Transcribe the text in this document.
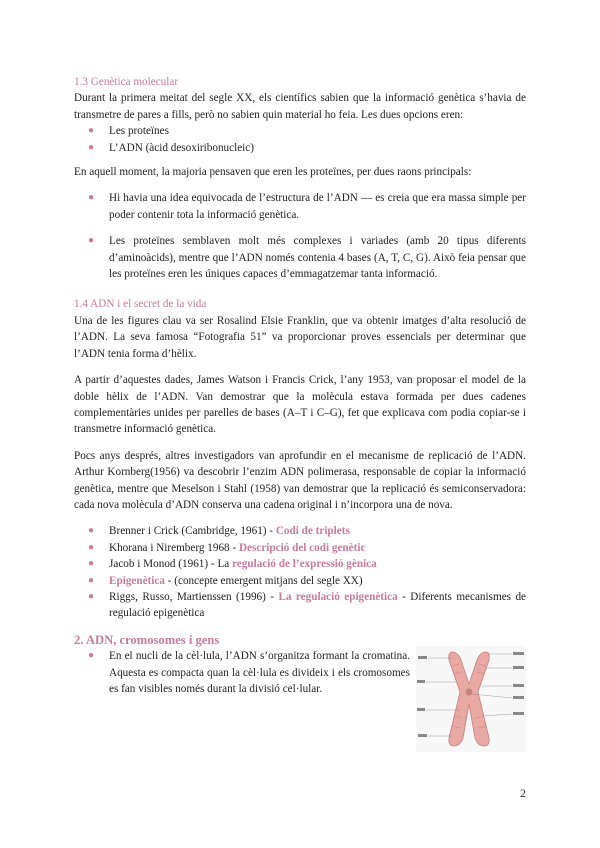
1.3 Genètica molecular

Durant la primera meitat del segle XX, els científics sabien que la informació genètica s’havia de transmetre de pares a fills, però no sabien quin material ho feia. Les dues opcions eren:

● Les proteïnes
● L’ADN (àcid desoxiribonucleic)

En aquell moment, la majoria pensaven que eren les proteïnes, per dues raons principals:

● Hi havia una idea equivocada de l’estructura de l’ADN — es creia que era massa simple per poder contenir tota la informació genètica.
● Les proteïnes semblaven molt més complexes i variades (amb 20 tipus diferents d’aminoàcids), mentre que l’ADN només contenia 4 bases (A, T, C, G). Això feia pensar que les proteïnes eren les úniques capaces d’emmagatzemar tanta informació.
1.4 ADN i el secret de la vida

Una de les figures clau va ser Rosalind Elsie Franklin, que va obtenir imatges d’alta resolució de l’ADN. La seva famosa “Fotografia 51” va proporcionar proves essencials per determinar que l’ADN tenia forma d’hèlix.

A partir d’aquestes dades, James Watson i Francis Crick, l’any 1953, van proposar el model de la doble hèlix de l’ADN. Van demostrar que la molècula estava formada per dues cadenes complementàries unides per parelles de bases (A–T i C–G), fet que explicava com podia copiar-se i transmetre informació genètica.

Pocs anys després, altres investigadors van aprofundir en el mecanisme de replicació de l’ADN. Arthur Kornberg(1956) va descobrir l’enzim ADN polimerasa, responsable de copiar la informació genètica, mentre que Meselson i Stahl (1958) van demostrar que la replicació és semiconservadora: cada nova molècula d’ADN conserva una cadena original i n’incorpora una de nova.

● Brenner i Crick (Cambridge, 1961) - Codi de triplets
● Khorana i Niremberg 1968 - Descripció del codi genètic
● Jacob i Monod (1961) - La regulació de l’expressió gènica
● Epigenètica - (concepte emergent mitjans del segle XX)
● Riggs, Russo, Martienssen (1996) - La regulació epigenètica - Diferents mecanismes de regulació epigenètica
2. ADN, cromosomes i gens
● En el nucli de la cèl·lula, l’ADN s’organitza formant la cromatina. Aquesta es compacta quan la cèl·lula es divideix i els cromosomes es fan visibles només durant la divisió cel·lular.
2
